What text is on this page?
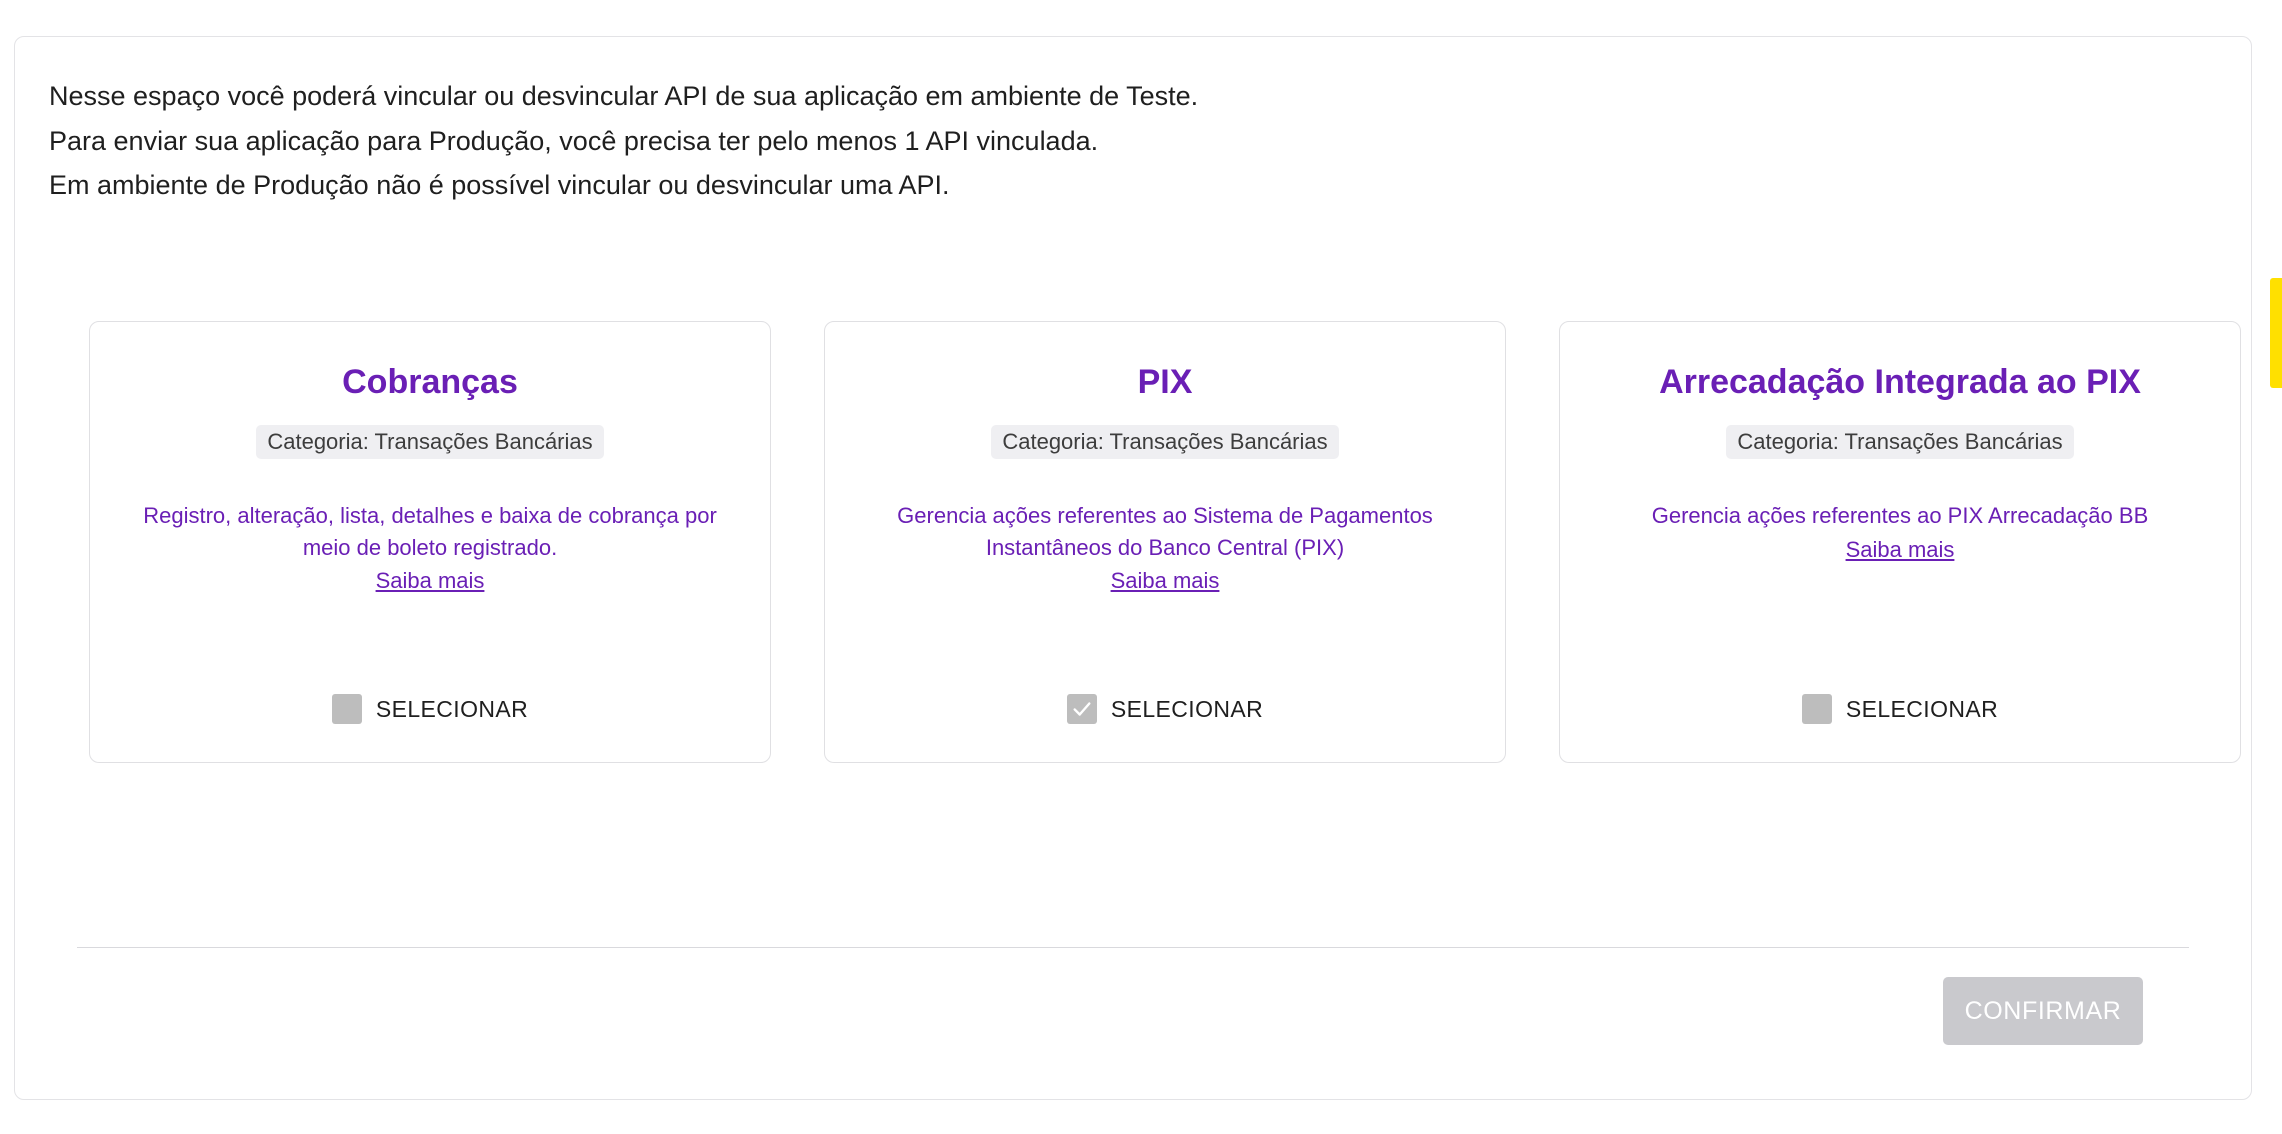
Nesse espaço você poderá vincular ou desvincular API de sua aplicação em ambiente de Teste.

Para enviar sua aplicação para Produção, você precisa ter pelo menos 1 API vinculada.

Em ambiente de Produção não é possível vincular ou desvincular uma API.

Cobranças
Categoria: Transações Bancárias
Registro, alteração, lista, detalhes e baixa de cobrança por meio de boleto registrado.
Saiba mais
SELECIONAR
PIX
Categoria: Transações Bancárias
Gerencia ações referentes ao Sistema de Pagamentos Instantâneos do Banco Central (PIX)
Saiba mais
SELECIONAR
Arrecadação Integrada ao PIX
Categoria: Transações Bancárias
Gerencia ações referentes ao PIX Arrecadação BB
Saiba mais
SELECIONAR
CONFIRMAR
